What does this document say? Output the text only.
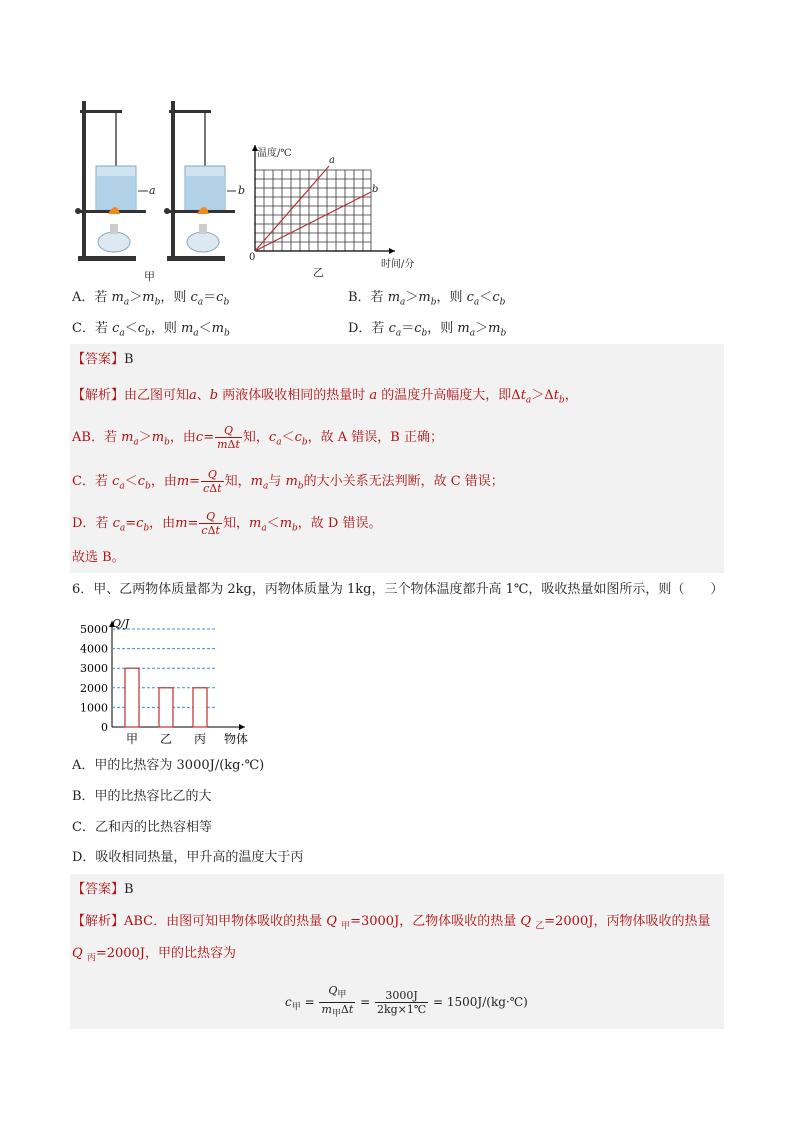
a	b
甲
温度/℃
a
b
0
时间/分
乙
A．若 $m_a>m_b$，则 $c_a=c_b$	B．若 $m_a>m_b$，则 $c_a<c_b$
C．若 $c_a<c_b$，则 $m_a<m_b$	D．若 $c_a=c_b$，则 $m_a>m_b$
【答案】B
【解析】由乙图可知a、b 两液体吸收相同的热量时 a 的温度升高幅度大，即$\Delta t_a>\Delta t_b$，
AB．若 $m_a>m_b$，由$c= \frac{Q}{\text{mΔt}}$ 知，$c_a<c_b$，故 A 错误，B 正确；
C．若 $c_a<c_b$，由$m= \frac{Q}{\text{cΔt}}$ 知，$m_a$与 $m_b$的大小关系无法判断，故 C 错误；
D．若 $c_a=c_b$，由$m= \frac{Q}{\text{cΔt}}$ 知，$m_a<m_b$，故 D 错误。
故选 B。
6．甲、乙两物体质量都为 2kg，丙物体质量为 1kg，三个物体温度都升高 1℃，吸收热量如图所示，则（　　）
0
1000
2000
3000
4000
5000
甲 乙 丙
Q/J
物体
A．甲的比热容为 3000J/(kg·℃)
B．甲的比热容比乙的大
C．乙和丙的比热容相等
D．吸收相同热量，甲升高的温度大于丙
【答案】B
【解析】ABC．由图可知甲物体吸收的热量 Q $_甲$=3000J，乙物体吸收的热量 Q $_乙$=2000J，丙物体吸收的热量
Q $_丙$=2000J，甲的比热容为
$c_甲 = \frac{Q_甲}{m_甲\Delta t} = \frac{3000J}{2kg\times 1℃}$ = 1500J/(kg·℃)
